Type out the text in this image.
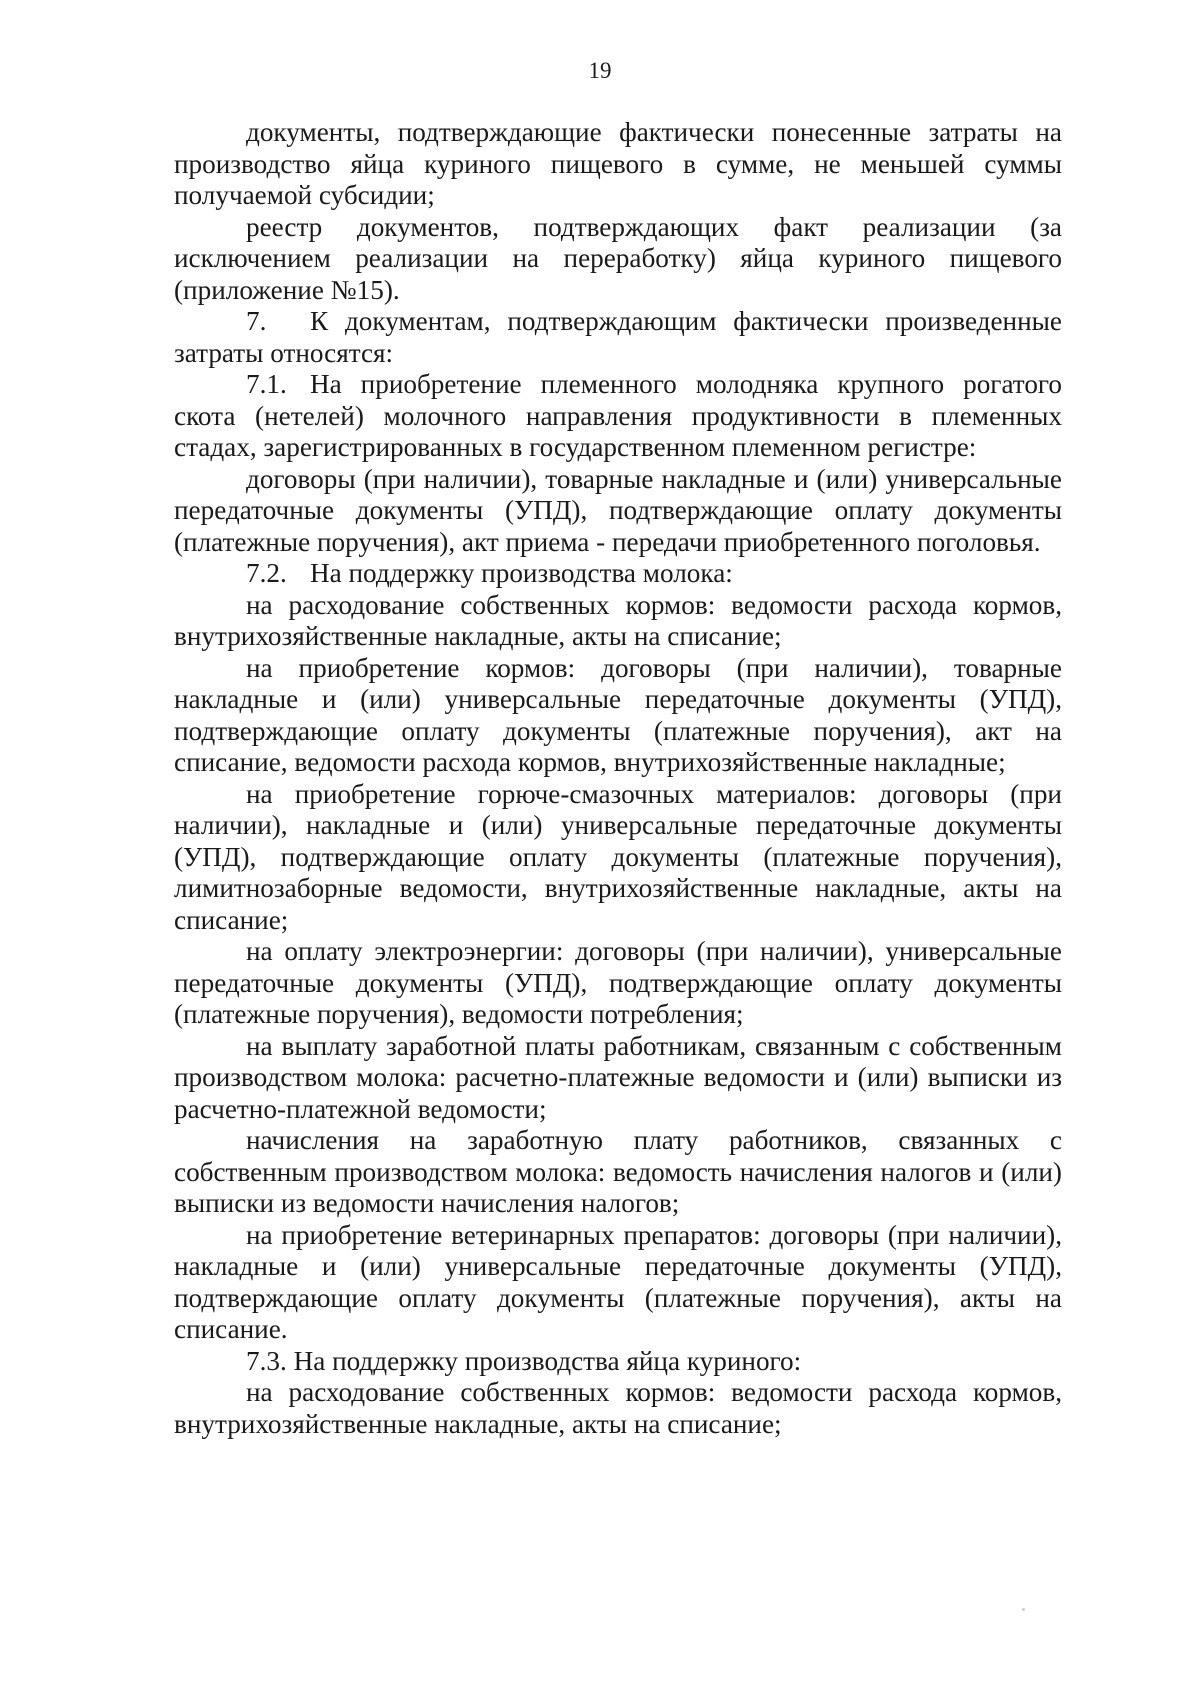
19

документы, подтверждающие фактически понесенные затраты на производство яйца куриного пищевого в сумме, не меньшей суммы получаемой субсидии;

реестр документов, подтверждающих факт реализации (за исключением реализации на переработку) яйца куриного пищевого (приложение №15).

7. К документам, подтверждающим фактически произведенные затраты относятся:

7.1. На приобретение племенного молодняка крупного рогатого скота (нетелей) молочного направления продуктивности в племенных стадах, зарегистрированных в государственном племенном регистре:

договоры (при наличии), товарные накладные и (или) универсальные передаточные документы (УПД), подтверждающие оплату документы (платежные поручения), акт приема - передачи приобретенного поголовья.

7.2. На поддержку производства молока:

на расходование собственных кормов: ведомости расхода кормов, внутрихозяйственные накладные, акты на списание;

на приобретение кормов: договоры (при наличии), товарные накладные и (или) универсальные передаточные документы (УПД), подтверждающие оплату документы (платежные поручения), акт на списание, ведомости расхода кормов, внутрихозяйственные накладные;

на приобретение горюче-смазочных материалов: договоры (при наличии), накладные и (или) универсальные передаточные документы (УПД), подтверждающие оплату документы (платежные поручения), лимитнозаборные ведомости, внутрихозяйственные накладные, акты на списание;

на оплату электроэнергии: договоры (при наличии), универсальные передаточные документы (УПД), подтверждающие оплату документы (платежные поручения), ведомости потребления;

на выплату заработной платы работникам, связанным с собственным производством молока: расчетно-платежные ведомости и (или) выписки из расчетно-платежной ведомости;

начисления на заработную плату работников, связанных с собственным производством молока: ведомость начисления налогов и (или) выписки из ведомости начисления налогов;

на приобретение ветеринарных препаратов: договоры (при наличии), накладные и (или) универсальные передаточные документы (УПД), подтверждающие оплату документы (платежные поручения), акты на списание.

7.3. На поддержку производства яйца куриного:

на расходование собственных кормов: ведомости расхода кормов, внутрихозяйственные накладные, акты на списание;
